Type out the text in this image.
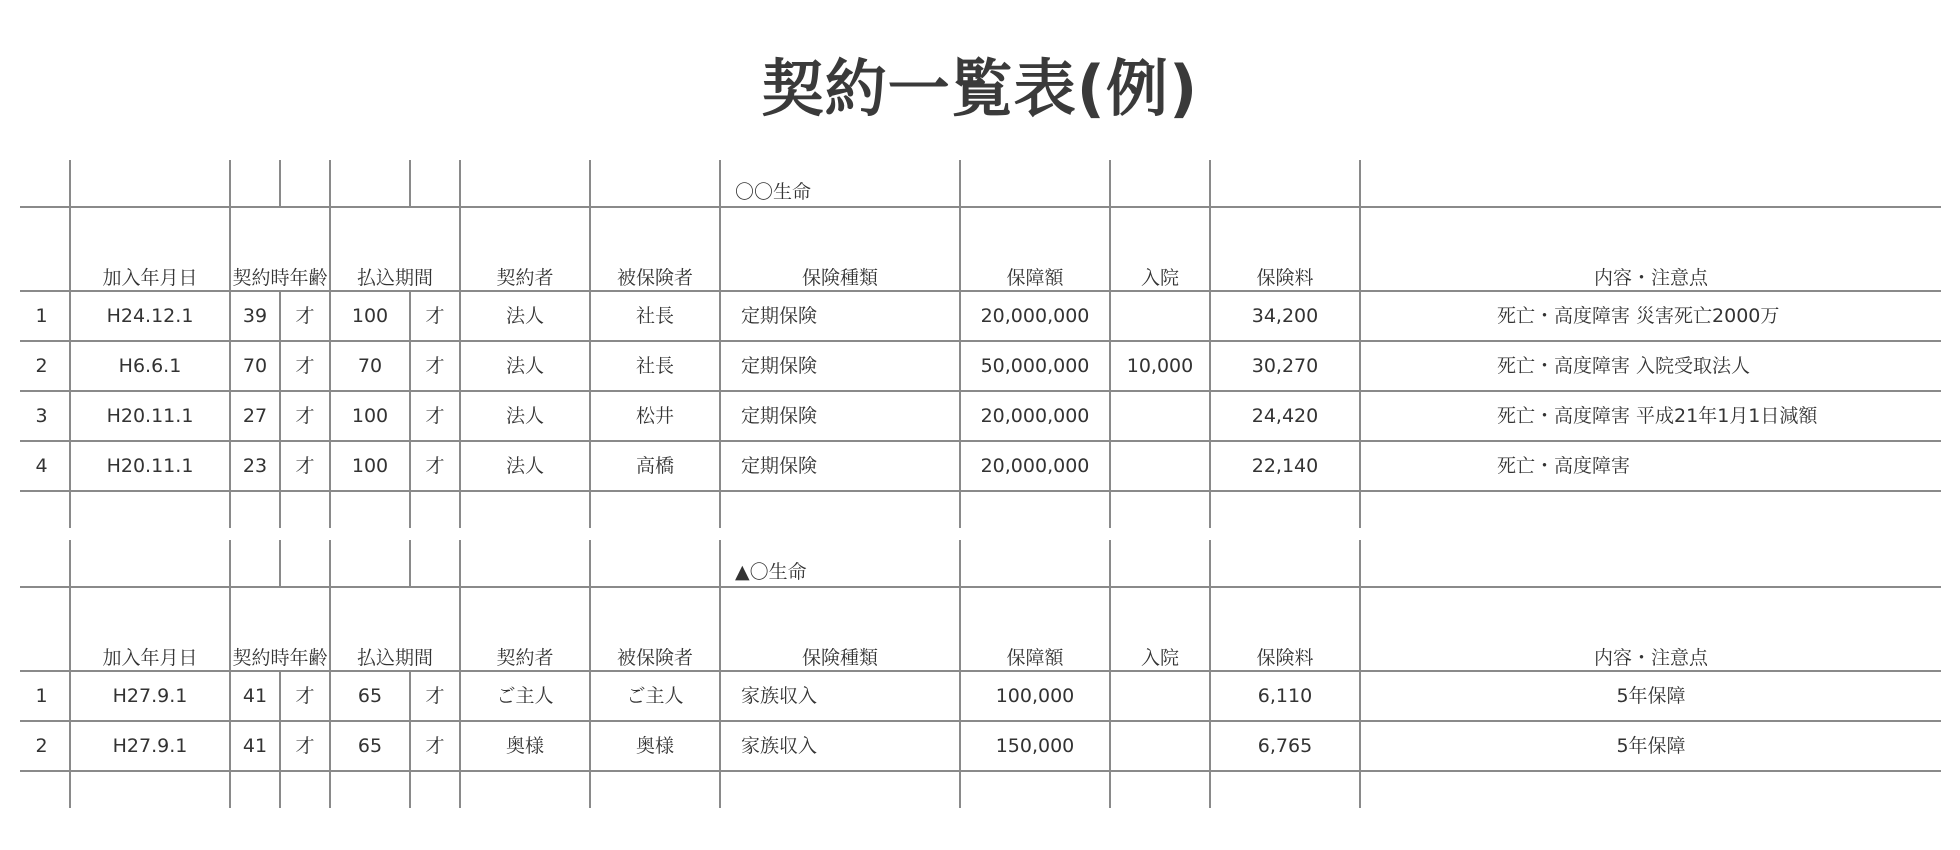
契約一覧表(例)
								〇〇生命				
	加入年月日	契約時年齢		払込期間		契約者	被保険者	保険種類	保障額	入院	保険料	内容・注意点
1	H24.12.1	39	才	100	才	法人	社長	定期保険	20,000,000		34,200	死亡・高度障害 災害死亡2000万
2	H6.6.1	70	才	70	才	法人	社長	定期保険	50,000,000	10,000	30,270	死亡・高度障害 入院受取法人
3	H20.11.1	27	才	100	才	法人	松井	定期保険	20,000,000		24,420	死亡・高度障害 平成21年1月1日減額
4	H20.11.1	23	才	100	才	法人	高橋	定期保険	20,000,000		22,140	死亡・高度障害

								▲〇生命				
	加入年月日	契約時年齢		払込期間		契約者	被保険者	保険種類	保障額	入院	保険料	内容・注意点
1	H27.9.1	41	才	65	才	ご主人	ご主人	家族収入	100,000		6,110	5年保障
2	H27.9.1	41	才	65	才	奥様	奥様	家族収入	150,000		6,765	5年保障
